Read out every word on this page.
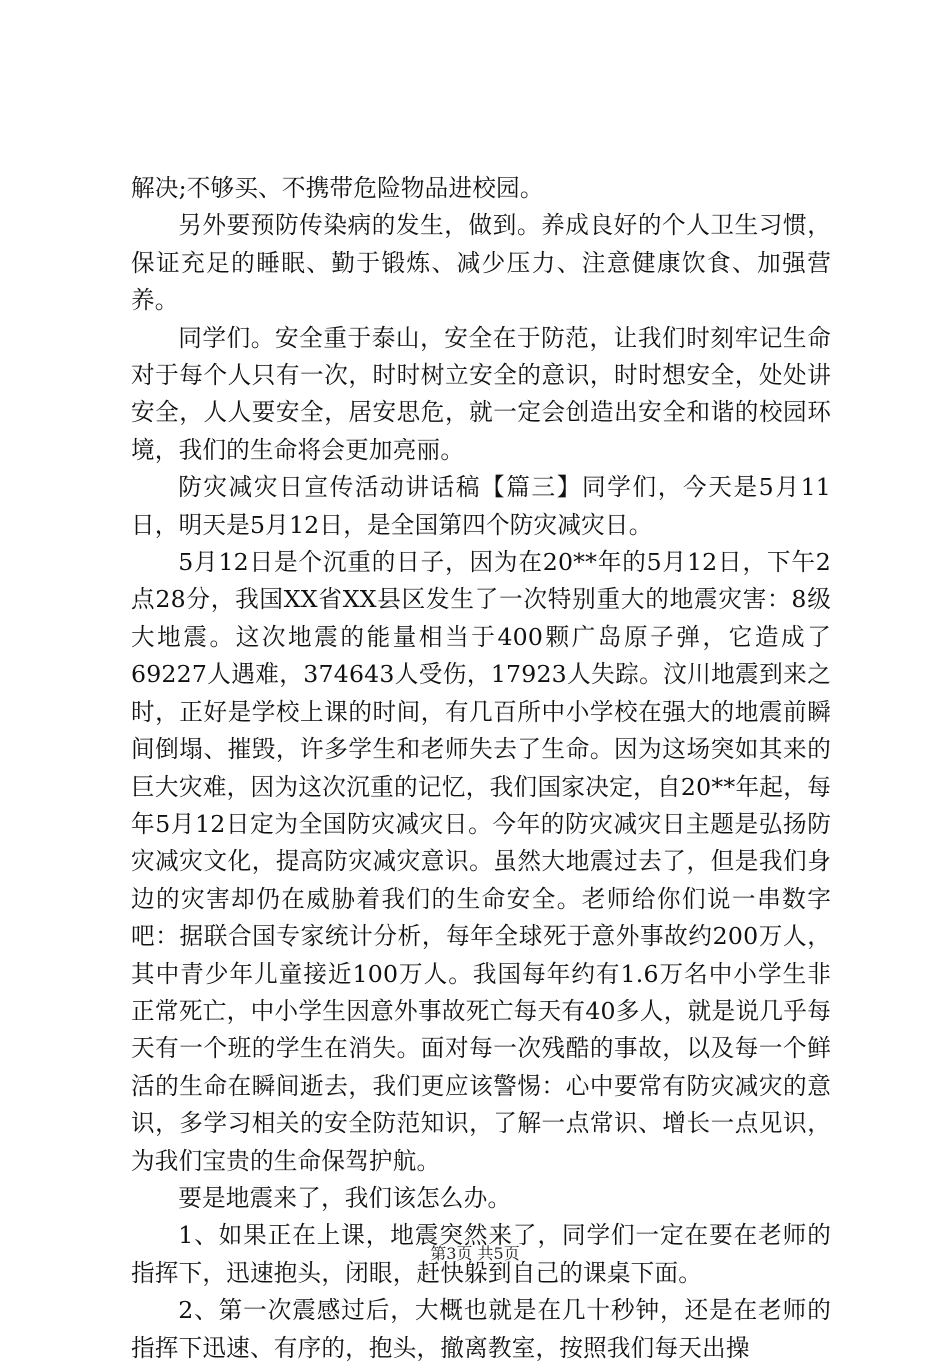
解决;不够买、不携带危险物品进校园。

另外要预防传染病的发生，做到。养成良好的个人卫生习惯，保证充足的睡眠、勤于锻炼、减少压力、注意健康饮食、加强营养。

同学们。安全重于泰山，安全在于防范，让我们时刻牢记生命对于每个人只有一次，时时树立安全的意识，时时想安全，处处讲安全，人人要安全，居安思危，就一定会创造出安全和谐的校园环境，我们的生命将会更加亮丽。

防灾减灾日宣传活动讲话稿【篇三】同学们，今天是5月11日，明天是5月12日，是全国第四个防灾减灾日。

5月12日是个沉重的日子，因为在20**年的5月12日，下午2点28分，我国XX省XX县区发生了一次特别重大的地震灾害：8级大地震。这次地震的能量相当于400颗广岛原子弹，它造成了69227人遇难，374643人受伤，17923人失踪。汶川地震到来之时，正好是学校上课的时间，有几百所中小学校在强大的地震前瞬间倒塌、摧毁，许多学生和老师失去了生命。因为这场突如其来的巨大灾难，因为这次沉重的记忆，我们国家决定，自20**年起，每年5月12日定为全国防灾减灾日。今年的防灾减灾日主题是弘扬防灾减灾文化，提高防灾减灾意识。虽然大地震过去了，但是我们身边的灾害却仍在威胁着我们的生命安全。老师给你们说一串数字吧：据联合国专家统计分析，每年全球死于意外事故约200万人，其中青少年儿童接近100万人。我国每年约有1.6万名中小学生非正常死亡，中小学生因意外事故死亡每天有40多人，就是说几乎每天有一个班的学生在消失。面对每一次残酷的事故，以及每一个鲜活的生命在瞬间逝去，我们更应该警惕：心中要常有防灾减灾的意识，多学习相关的安全防范知识，了解一点常识、增长一点见识，为我们宝贵的生命保驾护航。

要是地震来了，我们该怎么办。

1、如果正在上课，地震突然来了，同学们一定在要在老师的指挥下，迅速抱头，闭眼，赶快躲到自己的课桌下面。

2、第一次震感过后，大概也就是在几十秒钟，还是在老师的指挥下迅速、有序的，抱头，撤离教室，按照我们每天出操

第3页 共5页
